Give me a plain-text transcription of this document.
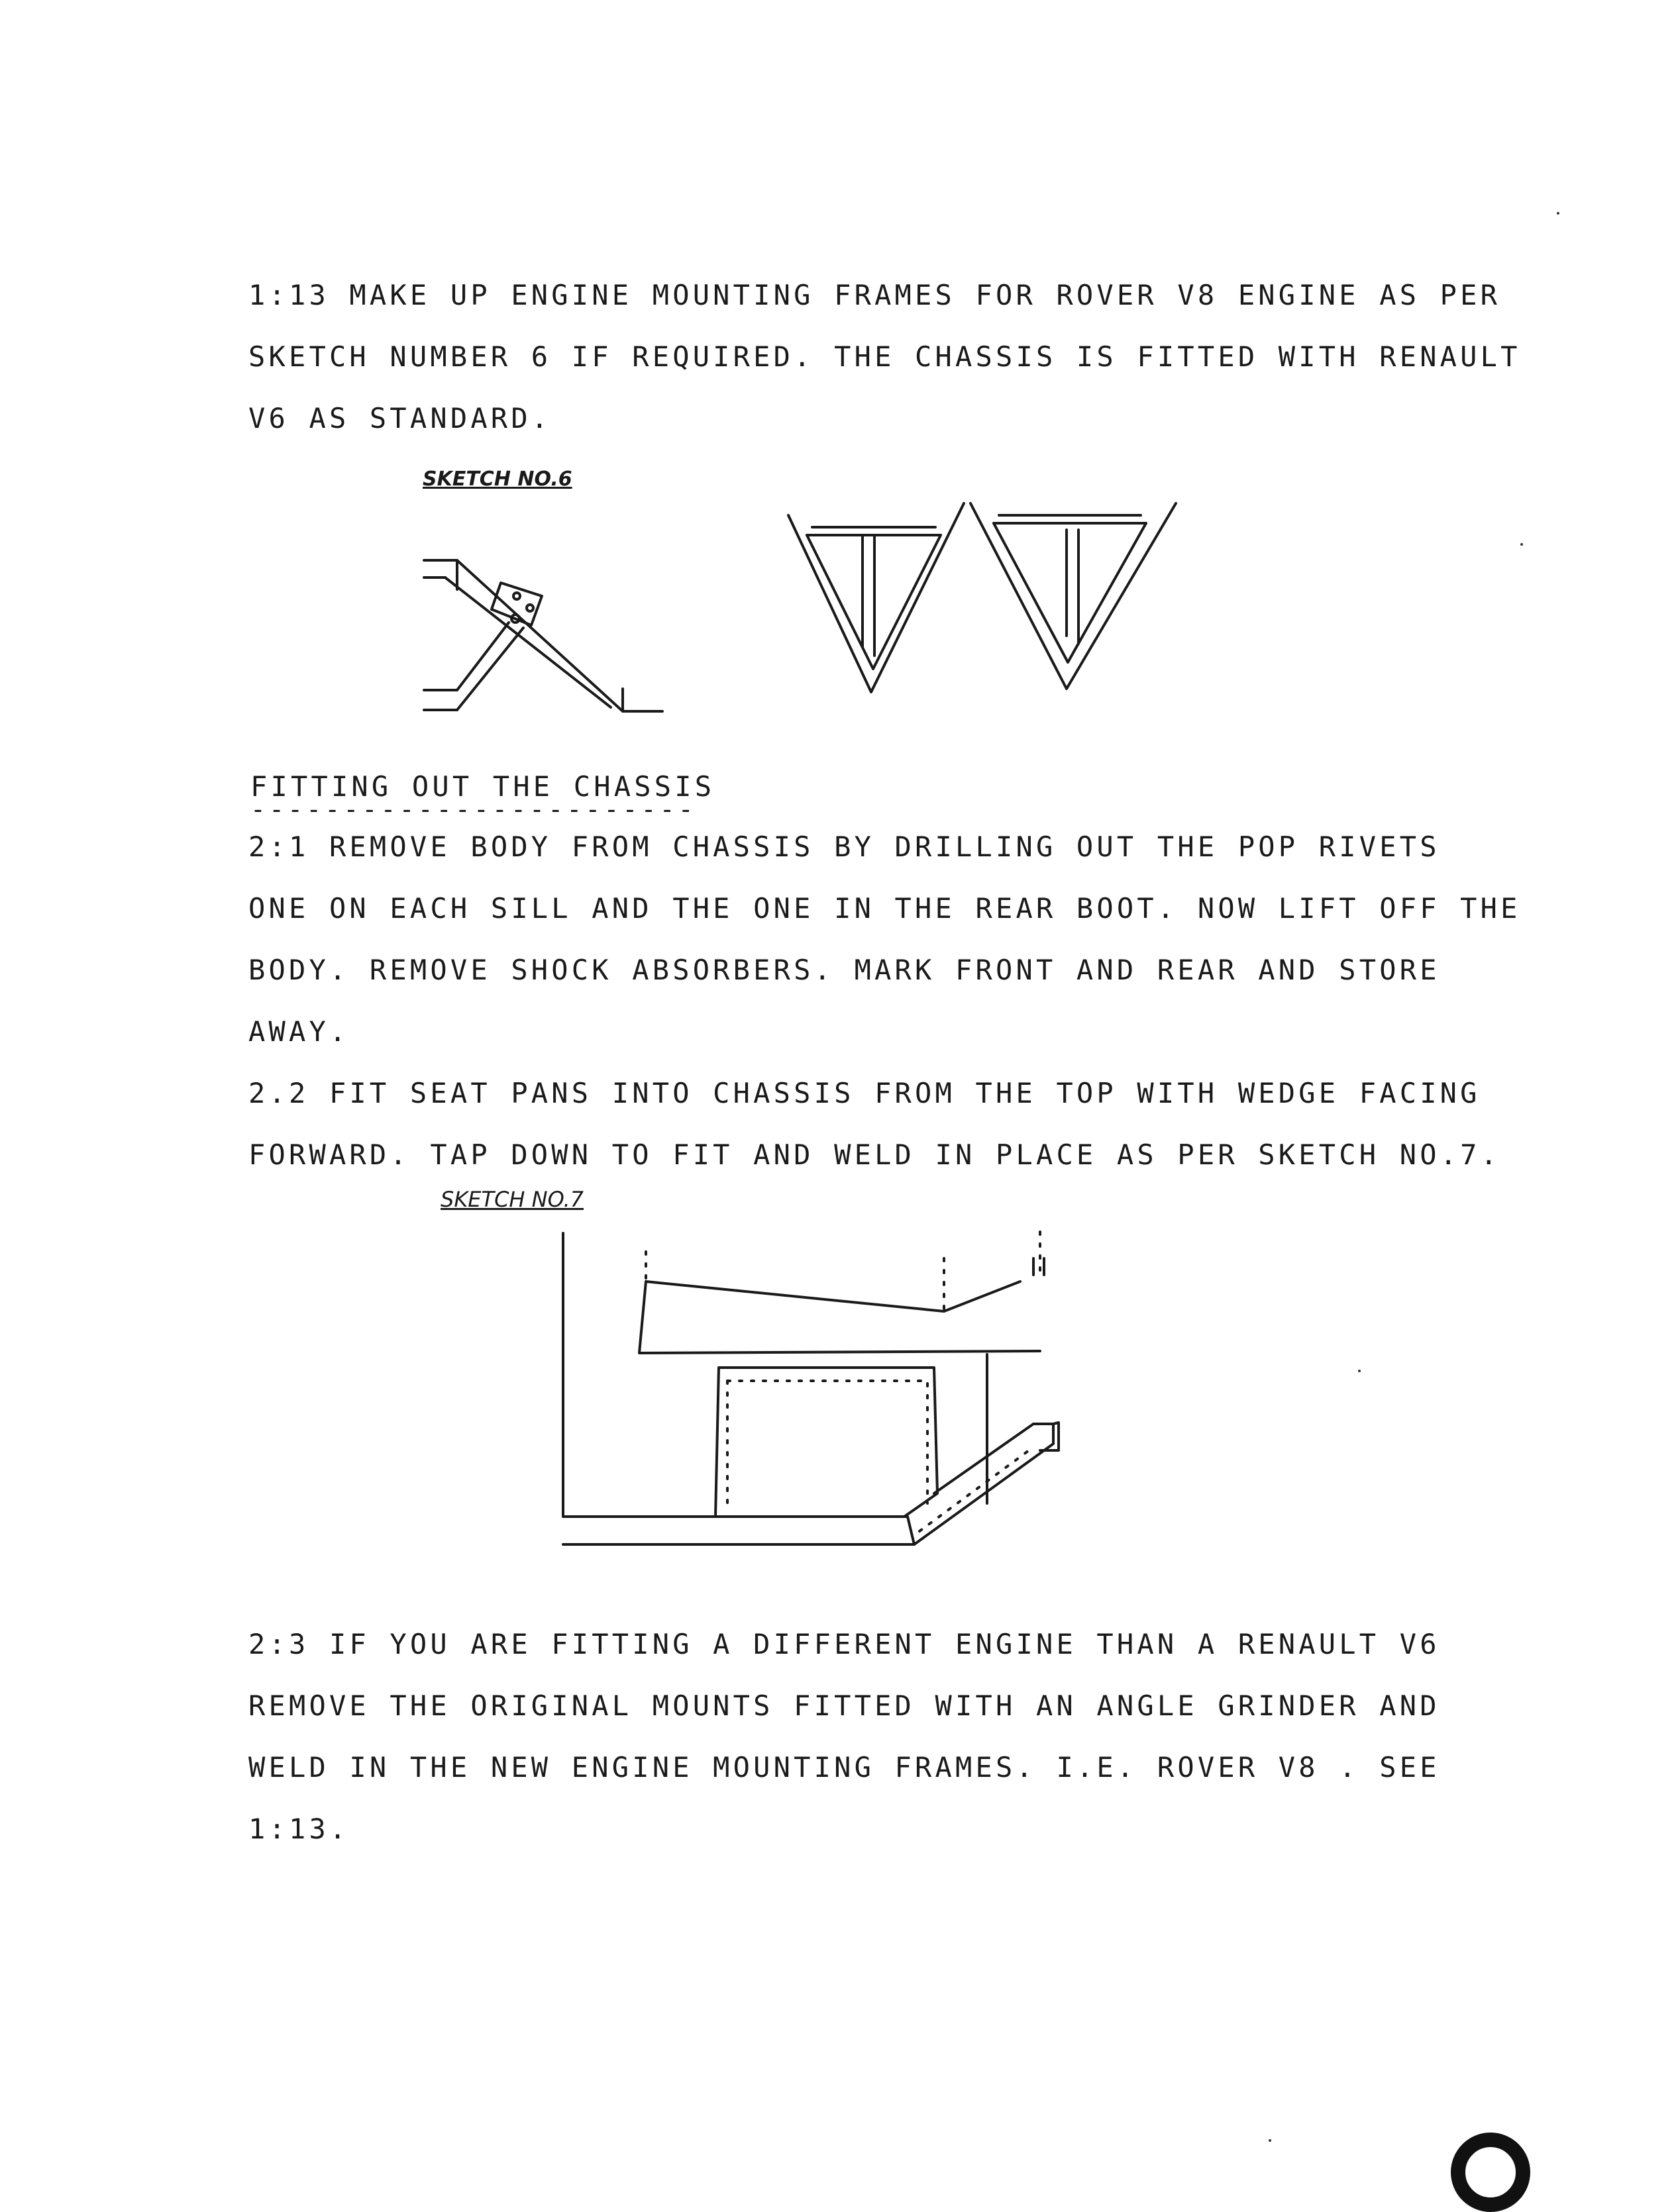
1:13 MAKE UP ENGINE MOUNTING FRAMES FOR ROVER V8 ENGINE AS PER
SKETCH NUMBER 6 IF REQUIRED. THE CHASSIS IS FITTED WITH RENAULT
V6 AS STANDARD.
SKETCH NO.6
FITTING OUT THE CHASSIS
------------------------
2:1 REMOVE BODY FROM CHASSIS BY DRILLING OUT THE POP RIVETS
ONE ON EACH SILL AND THE ONE IN THE REAR BOOT. NOW LIFT OFF THE
BODY. REMOVE SHOCK ABSORBERS. MARK FRONT AND REAR AND STORE
AWAY.
2.2 FIT SEAT PANS INTO CHASSIS FROM THE TOP WITH WEDGE FACING
FORWARD. TAP DOWN TO FIT AND WELD IN PLACE AS PER SKETCH NO.7.
SKETCH NO.7
2:3 IF YOU ARE FITTING A DIFFERENT ENGINE THAN A RENAULT V6
REMOVE THE ORIGINAL MOUNTS FITTED WITH AN ANGLE GRINDER AND
WELD IN THE NEW ENGINE MOUNTING FRAMES. I.E. ROVER V8 . SEE
1:13.
